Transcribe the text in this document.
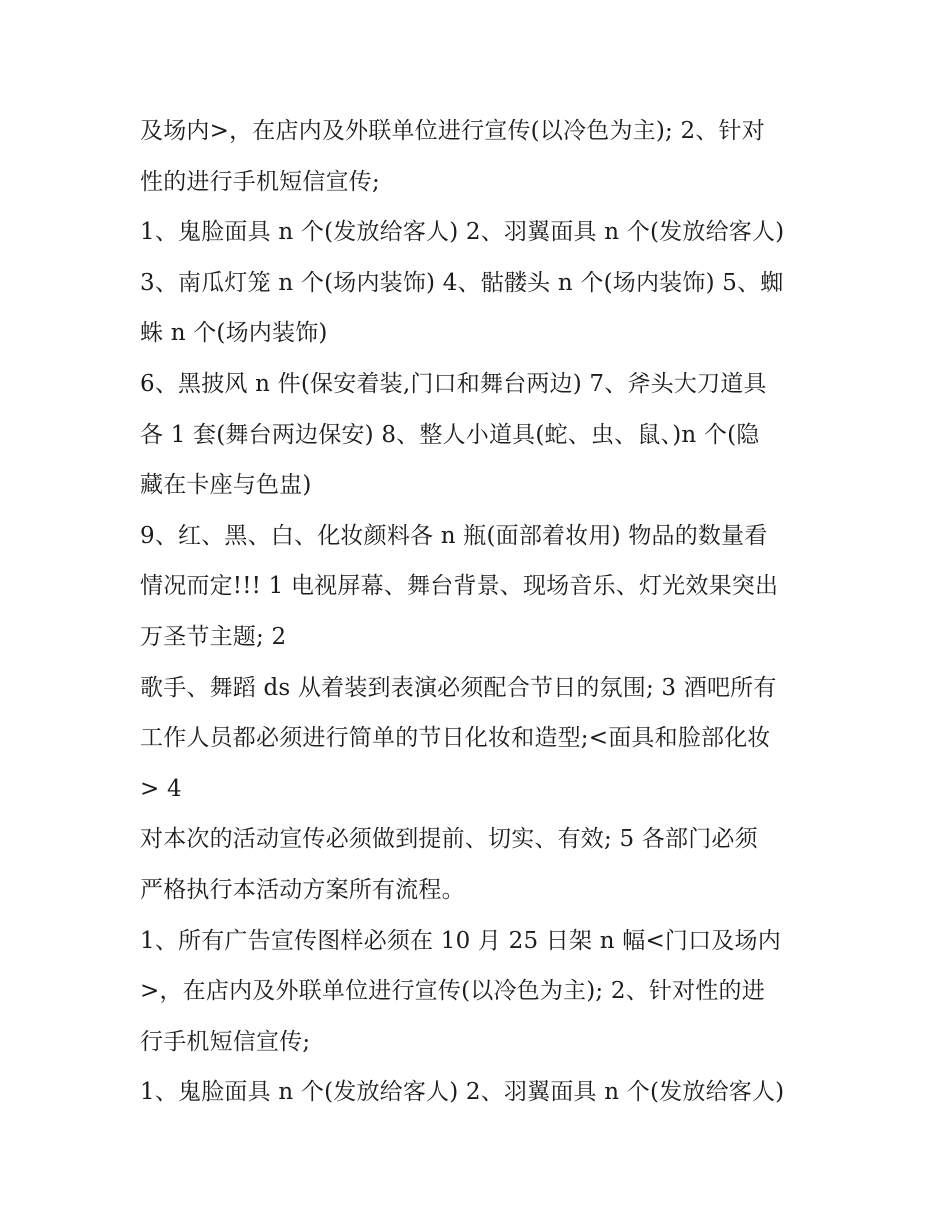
及场内>，在店内及外联单位进行宣传(以冷色为主); 2、针对
性的进行手机短信宣传;
1、鬼脸面具 n 个(发放给客人) 2、羽翼面具 n 个(发放给客人)
3、南瓜灯笼 n 个(场内装饰) 4、骷髅头 n 个(场内装饰) 5、蜘
蛛 n 个(场内装饰)
6、黑披风 n 件(保安着装,门口和舞台两边) 7、斧头大刀道具
各 1 套(舞台两边保安) 8、整人小道具(蛇、虫、鼠、)n 个(隐
藏在卡座与色盅)
9、红、黑、白、化妆颜料各 n 瓶(面部着妆用) 物品的数量看
情况而定!!! 1 电视屏幕、舞台背景、现场音乐、灯光效果突出
万圣节主题; 2
歌手、舞蹈 ds 从着装到表演必须配合节日的氛围; 3 酒吧所有
工作人员都必须进行简单的节日化妆和造型;<面具和脸部化妆
> 4
对本次的活动宣传必须做到提前、切实、有效; 5 各部门必须
严格执行本活动方案所有流程。
1、所有广告宣传图样必须在 10 月 25 日架 n 幅<门口及场内
>，在店内及外联单位进行宣传(以冷色为主); 2、针对性的进
行手机短信宣传;
1、鬼脸面具 n 个(发放给客人) 2、羽翼面具 n 个(发放给客人)
